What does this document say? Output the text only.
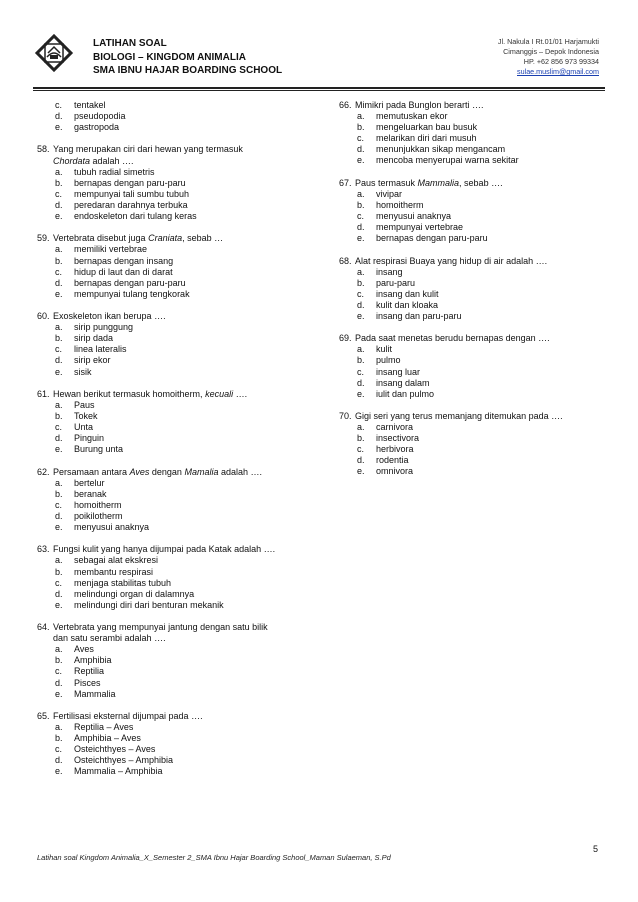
LATIHAN SOAL
BIOLOGI – KINGDOM ANIMALIA
SMA IBNU HAJAR BOARDING SCHOOL
Jl. Nakula I Rt.01/01 Harjamukti
Cimanggis – Depok Indonesia
HP. +62 856 973 99334
sulae.muslim@gmail.com
c.	tentakel
d.	pseudopodia
e.	gastropoda
58. Yang merupakan ciri dari hewan yang termasuk
Chordata adalah ….
a.	tubuh radial simetris
b.	bernapas dengan paru-paru
c.	mempunyai tali sumbu tubuh
d.	peredaran darahnya terbuka
e.	endoskeleton dari tulang keras
59. Vertebrata disebut juga Craniata, sebab …
a.	memiliki vertebrae
b.	bernapas dengan insang
c.	hidup di laut dan di darat
d.	bernapas dengan paru-paru
e.	mempunyai tulang tengkorak
60. Exoskeleton ikan berupa ….
a.	sirip punggung
b.	sirip dada
c.	linea lateralis
d.	sirip ekor
e.	sisik
61. Hewan berikut termasuk homoitherm, kecuali ….
a.	Paus
b.	Tokek
c.	Unta
d.	Pinguin
e.	Burung unta
62. Persamaan antara Aves dengan Mamalia adalah ….
a.	bertelur
b.	beranak
c.	homoitherm
d.	poikilotherm
e.	menyusui anaknya
63. Fungsi kulit yang hanya dijumpai pada Katak adalah ….
a.	sebagai alat ekskresi
b.	membantu respirasi
c.	menjaga stabilitas tubuh
d.	melindungi organ di dalamnya
e.	melindungi diri dari benturan mekanik
64. Vertebrata yang mempunyai jantung dengan satu bilik
dan satu serambi adalah ….
a.	Aves
b.	Amphibia
c.	Reptilia
d.	Pisces
e.	Mammalia
65. Fertilisasi eksternal dijumpai pada ….
a.	Reptilia – Aves
b.	Amphibia – Aves
c.	Osteichthyes – Aves
d.	Osteichthyes – Amphibia
e.	Mammalia – Amphibia
66. Mimikri pada Bunglon berarti ….
a.	memutuskan ekor
b.	mengeluarkan bau busuk
c.	melarikan diri dari musuh
d.	menunjukkan sikap mengancam
e.	mencoba menyerupai warna sekitar
67. Paus termasuk Mammalia, sebab ….
a.	vivipar
b.	homoitherm
c.	menyusui anaknya
d.	mempunyai vertebrae
e.	bernapas dengan paru-paru
68. Alat respirasi Buaya yang hidup di air adalah ….
a.	insang
b.	paru-paru
c.	insang dan kulit
d.	kulit dan kloaka
e.	insang dan paru-paru
69. Pada saat menetas berudu bernapas dengan ….
a.	kulit
b.	pulmo
c.	insang luar
d.	insang dalam
e.	iulit dan pulmo
70. Gigi seri yang terus memanjang ditemukan pada ….
a.	carnivora
b.	insectivora
c.	herbivora
d.	rodentia
e.	omnivora
5
Latihan soal Kingdom Animalia_X_Semester 2_SMA Ibnu Hajar Boarding School_Maman Sulaeman, S.Pd
